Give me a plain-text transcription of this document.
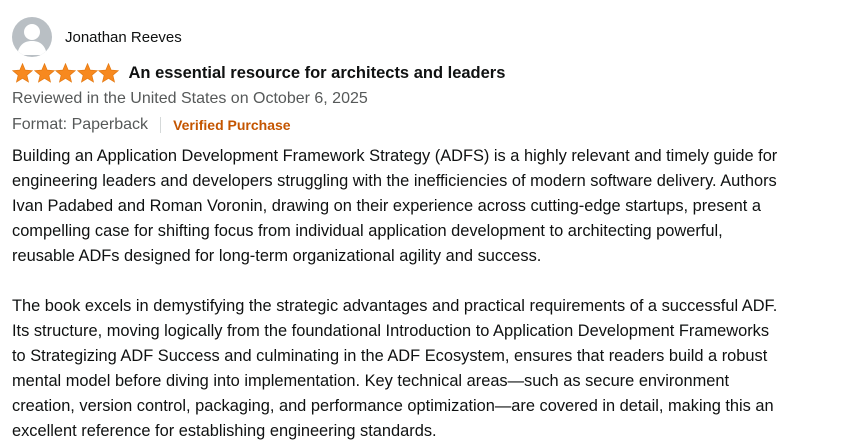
Jonathan Reeves
An essential resource for architects and leaders
Reviewed in the United States on October 6, 2025
Format: Paperback Verified Purchase

Building an Application Development Framework Strategy (ADFS) is a highly relevant and timely guide for
engineering leaders and developers struggling with the inefficiencies of modern software delivery. Authors
Ivan Padabed and Roman Voronin, drawing on their experience across cutting-edge startups, present a
compelling case for shifting focus from individual application development to architecting powerful,
reusable ADFs designed for long-term organizational agility and success.

The book excels in demystifying the strategic advantages and practical requirements of a successful ADF.
Its structure, moving logically from the foundational Introduction to Application Development Frameworks
to Strategizing ADF Success and culminating in the ADF Ecosystem, ensures that readers build a robust
mental model before diving into implementation. Key technical areas—such as secure environment
creation, version control, packaging, and performance optimization—are covered in detail, making this an
excellent reference for establishing engineering standards.
